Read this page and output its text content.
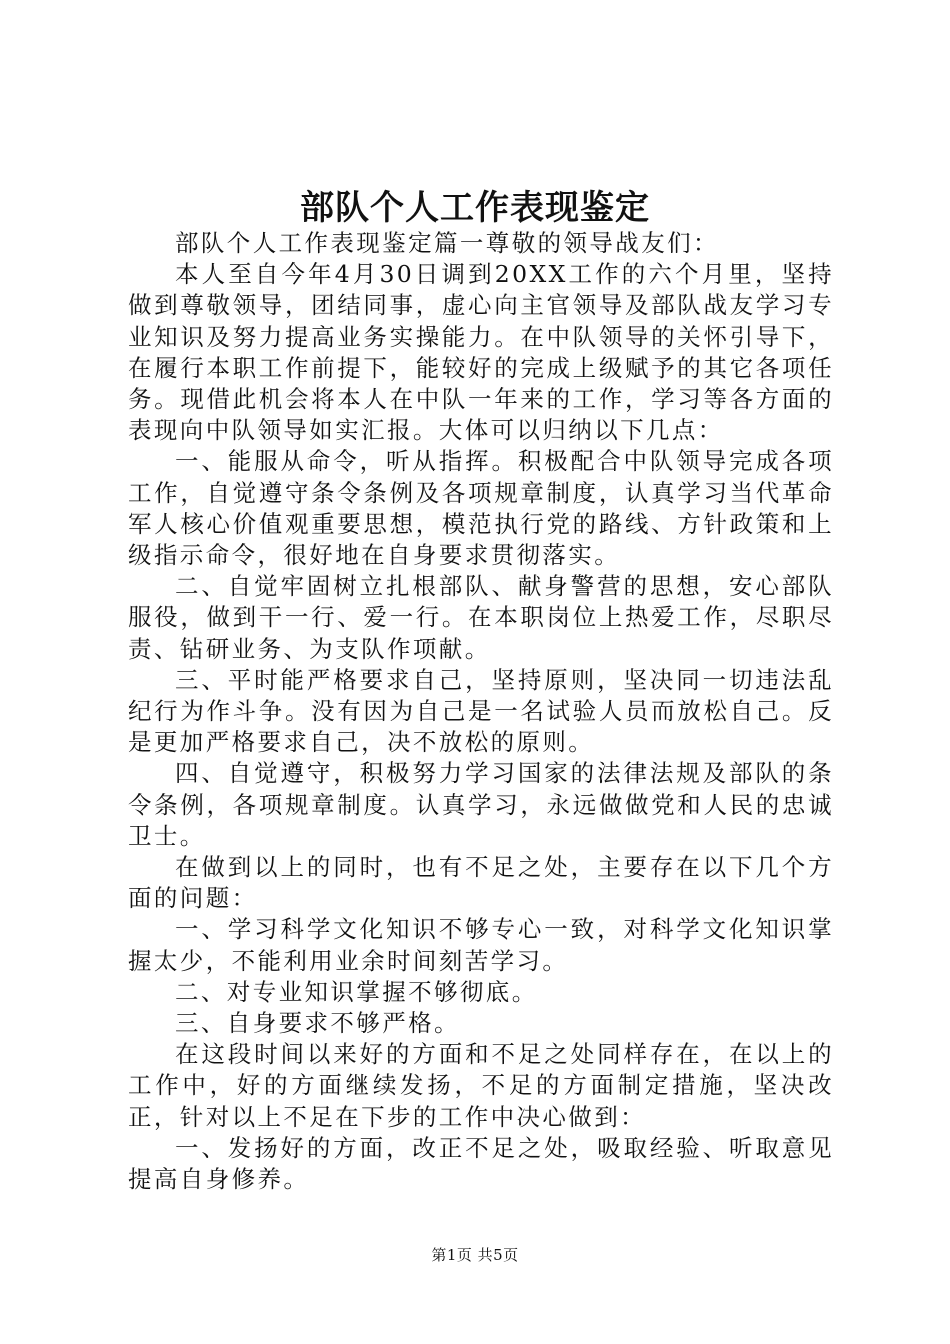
部队个人工作表现鉴定

部队个人工作表现鉴定篇一尊敬的领导战友们：

本人至自今年4月30日调到20XX工作的六个月里，坚持做到尊敬领导，团结同事，虚心向主官领导及部队战友学习专业知识及努力提高业务实操能力。在中队领导的关怀引导下，在履行本职工作前提下，能较好的完成上级赋予的其它各项任务。现借此机会将本人在中队一年来的工作，学习等各方面的表现向中队领导如实汇报。大体可以归纳以下几点：

一、能服从命令，听从指挥。积极配合中队领导完成各项工作，自觉遵守条令条例及各项规章制度，认真学习当代革命军人核心价值观重要思想，模范执行党的路线、方针政策和上级指示命令，很好地在自身要求贯彻落实。

二、自觉牢固树立扎根部队、献身警营的思想，安心部队服役，做到干一行、爱一行。在本职岗位上热爱工作，尽职尽责、钻研业务、为支队作项献。

三、平时能严格要求自己，坚持原则，坚决同一切违法乱纪行为作斗争。没有因为自己是一名试验人员而放松自己。反是更加严格要求自己，决不放松的原则。

四、自觉遵守，积极努力学习国家的法律法规及部队的条令条例，各项规章制度。认真学习，永远做做党和人民的忠诚卫士。

在做到以上的同时，也有不足之处，主要存在以下几个方面的问题：

一、学习科学文化知识不够专心一致，对科学文化知识掌握太少，不能利用业余时间刻苦学习。

二、对专业知识掌握不够彻底。

三、自身要求不够严格。

在这段时间以来好的方面和不足之处同样存在，在以上的工作中，好的方面继续发扬，不足的方面制定措施，坚决改正，针对以上不足在下步的工作中决心做到：

一、发扬好的方面，改正不足之处，吸取经验、听取意见提高自身修养。

第1页 共5页
